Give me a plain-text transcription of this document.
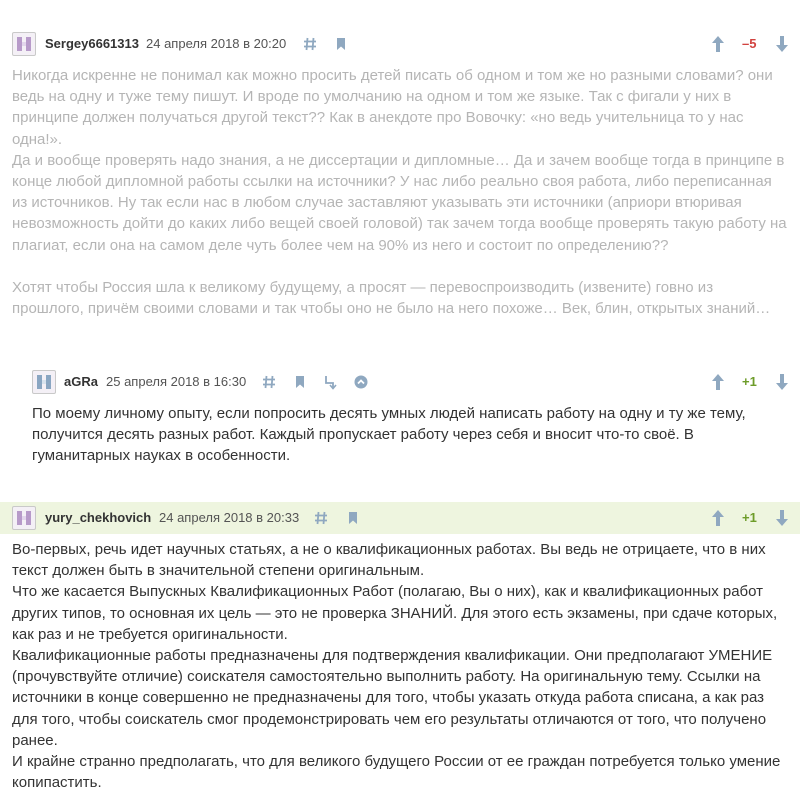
Sergey6661313 24 апреля 2018 в 20:20	–5

Никогда искренне не понимал как можно просить детей писать об одном и том же но разными словами? они ведь на одну и туже тему пишут. И вроде по умолчанию на одном и том же языке. Так с фигали у них в принципе должен получаться другой текст?? Как в анекдоте про Вовочку: «но ведь учительница то у нас одна!».

Да и вообще проверять надо знания, а не диссертации и дипломные… Да и зачем вообще тогда в принципе в конце любой дипломной работы ссылки на источники? У нас либо реально своя работа, либо переписанная из источников. Ну так если нас в любом случае заставляют указывать эти источники (априори втюривая невозможность дойти до каких либо вещей своей головой) так зачем тогда вообще проверять такую работу на плагиат, если она на самом деле чуть более чем на 90% из него и состоит по определению??

Хотят чтобы Россия шла к великому будущему, а просят — перевоспроизводить (извените) говно из прошлого, причём своими словами и так чтобы оно не было на него похоже… Век, блин, открытых знаний…

aGRa 25 апреля 2018 в 16:30	+1

По моему личному опыту, если попросить десять умных людей написать работу на одну и ту же тему, получится десять разных работ. Каждый пропускает работу через себя и вносит что-то своё. В гуманитарных науках в особенности.

yury_chekhovich 24 апреля 2018 в 20:33	+1

Во-первых, речь идет научных статьях, а не о квалификационных работах. Вы ведь не отрицаете, что в них текст должен быть в значительной степени оригинальным.

Что же касается Выпускных Квалификационных Работ (полагаю, Вы о них), как и квалификационных работ других типов, то основная их цель — это не проверка ЗНАНИЙ. Для этого есть экзамены, при сдаче которых, как раз и не требуется оригинальности.

Квалификационные работы предназначены для подтверждения квалификации. Они предполагают УМЕНИЕ (прочувствуйте отличие) соискателя самостоятельно выполнить работу. На оригинальную тему. Ссылки на источники в конце совершенно не предназначены для того, чтобы указать откуда работа списана, а как раз для того, чтобы соискатель смог продемонстрировать чем его результаты отличаются от того, что получено ранее.

И крайне странно предполагать, что для великого будущего России от ее граждан потребуется только умение копипастить.
